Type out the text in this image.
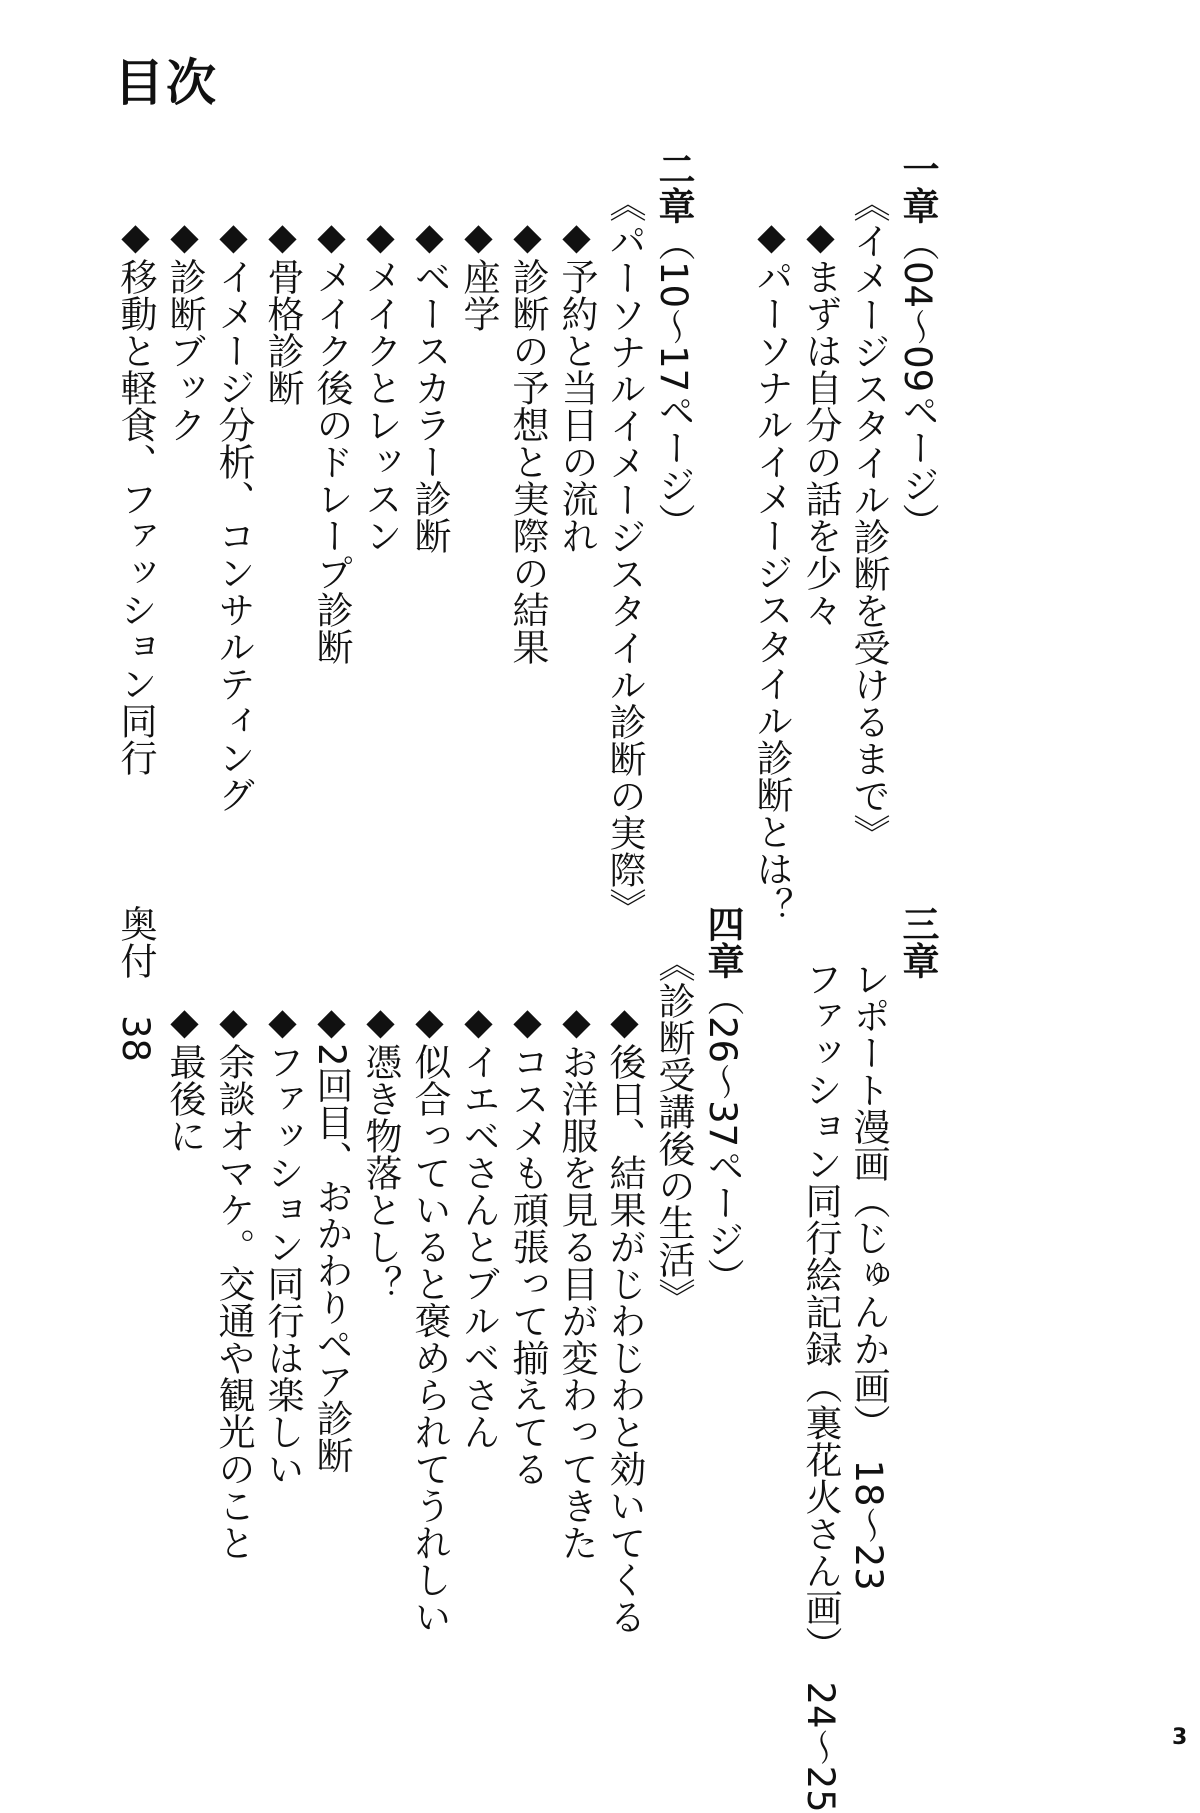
目次
一章（04～09ページ）
《イメージスタイル診断を受けるまで》
◆まずは自分の話を少々
◆パーソナルイメージスタイル診断とは？
二章（10～17ページ）
《パーソナルイメージスタイル診断の実際》
◆予約と当日の流れ
◆診断の予想と実際の結果
◆座学
◆ベースカラー診断
◆メイクとレッスン
◆メイク後のドレープ診断
◆骨格診断
◆イメージ分析、コンサルティング
◆診断ブック
◆移動と軽食、ファッション同行
三章
レポート漫画（じゅんか画）　18～23
ファッション同行絵記録（裏花火さん画）　24～25
四章（26～37ページ）
《診断受講後の生活》
◆後日、結果がじわじわと効いてくる
◆お洋服を見る目が変わってきた
◆コスメも頑張って揃えてる
◆イエベさんとブルベさん
◆似合っていると褒められてうれしい
◆憑き物落とし？
◆2回目、おかわりペア診断
◆ファッション同行は楽しい
◆余談オマケ。交通や観光のこと
◆最後に
奥付
38
3
